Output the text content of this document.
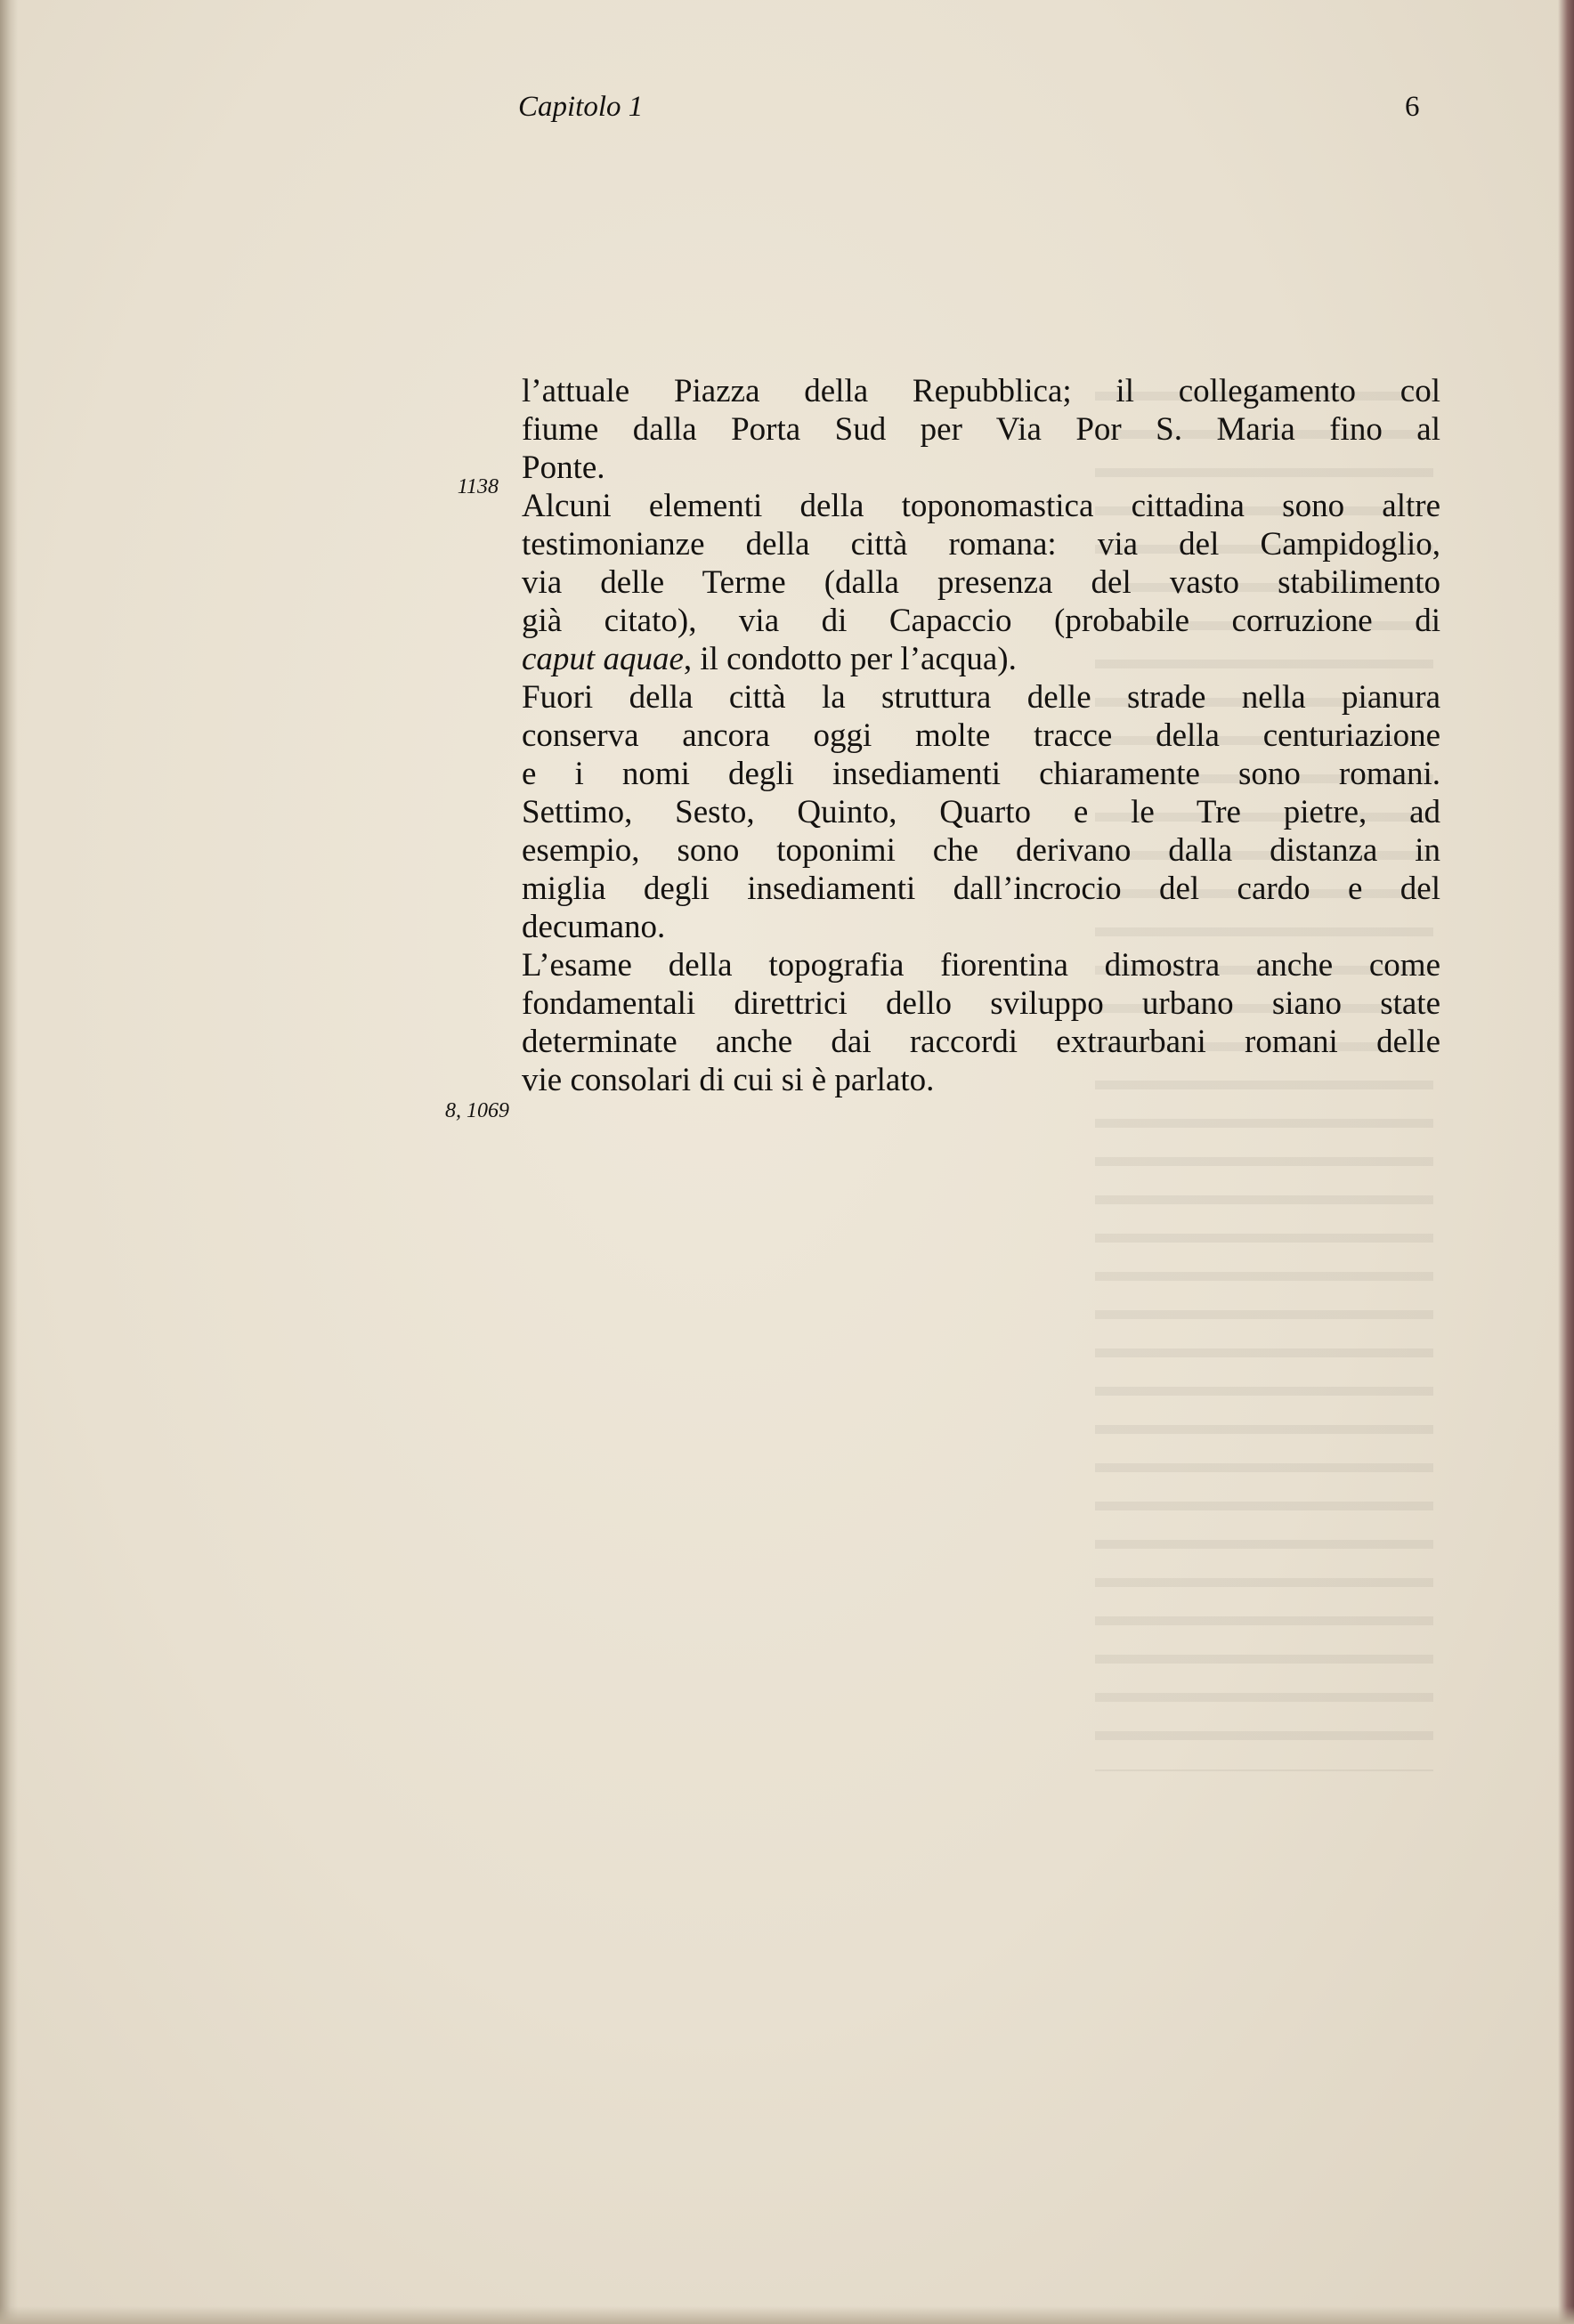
Capitolo 1	6
1138
8, 1069
l’attuale Piazza della Repubblica; il collegamento col
fiume dalla Porta Sud per Via Por S. Maria fino al
Ponte.
Alcuni elementi della toponomastica cittadina sono altre
testimonianze della città romana: via del Campidoglio,
via delle Terme (dalla presenza del vasto stabilimento
già citato), via di Capaccio (probabile corruzione di
caput aquae, il condotto per l’acqua).
Fuori della città la struttura delle strade nella pianura
conserva ancora oggi molte tracce della centuriazione
e i nomi degli insediamenti chiaramente sono romani.
Settimo, Sesto, Quinto, Quarto e le Tre pietre, ad
esempio, sono toponimi che derivano dalla distanza in
miglia degli insediamenti dall’incrocio del cardo e del
decumano.
L’esame della topografia fiorentina dimostra anche come
fondamentali direttrici dello sviluppo urbano siano state
determinate anche dai raccordi extraurbani romani delle
vie consolari di cui si è parlato.
